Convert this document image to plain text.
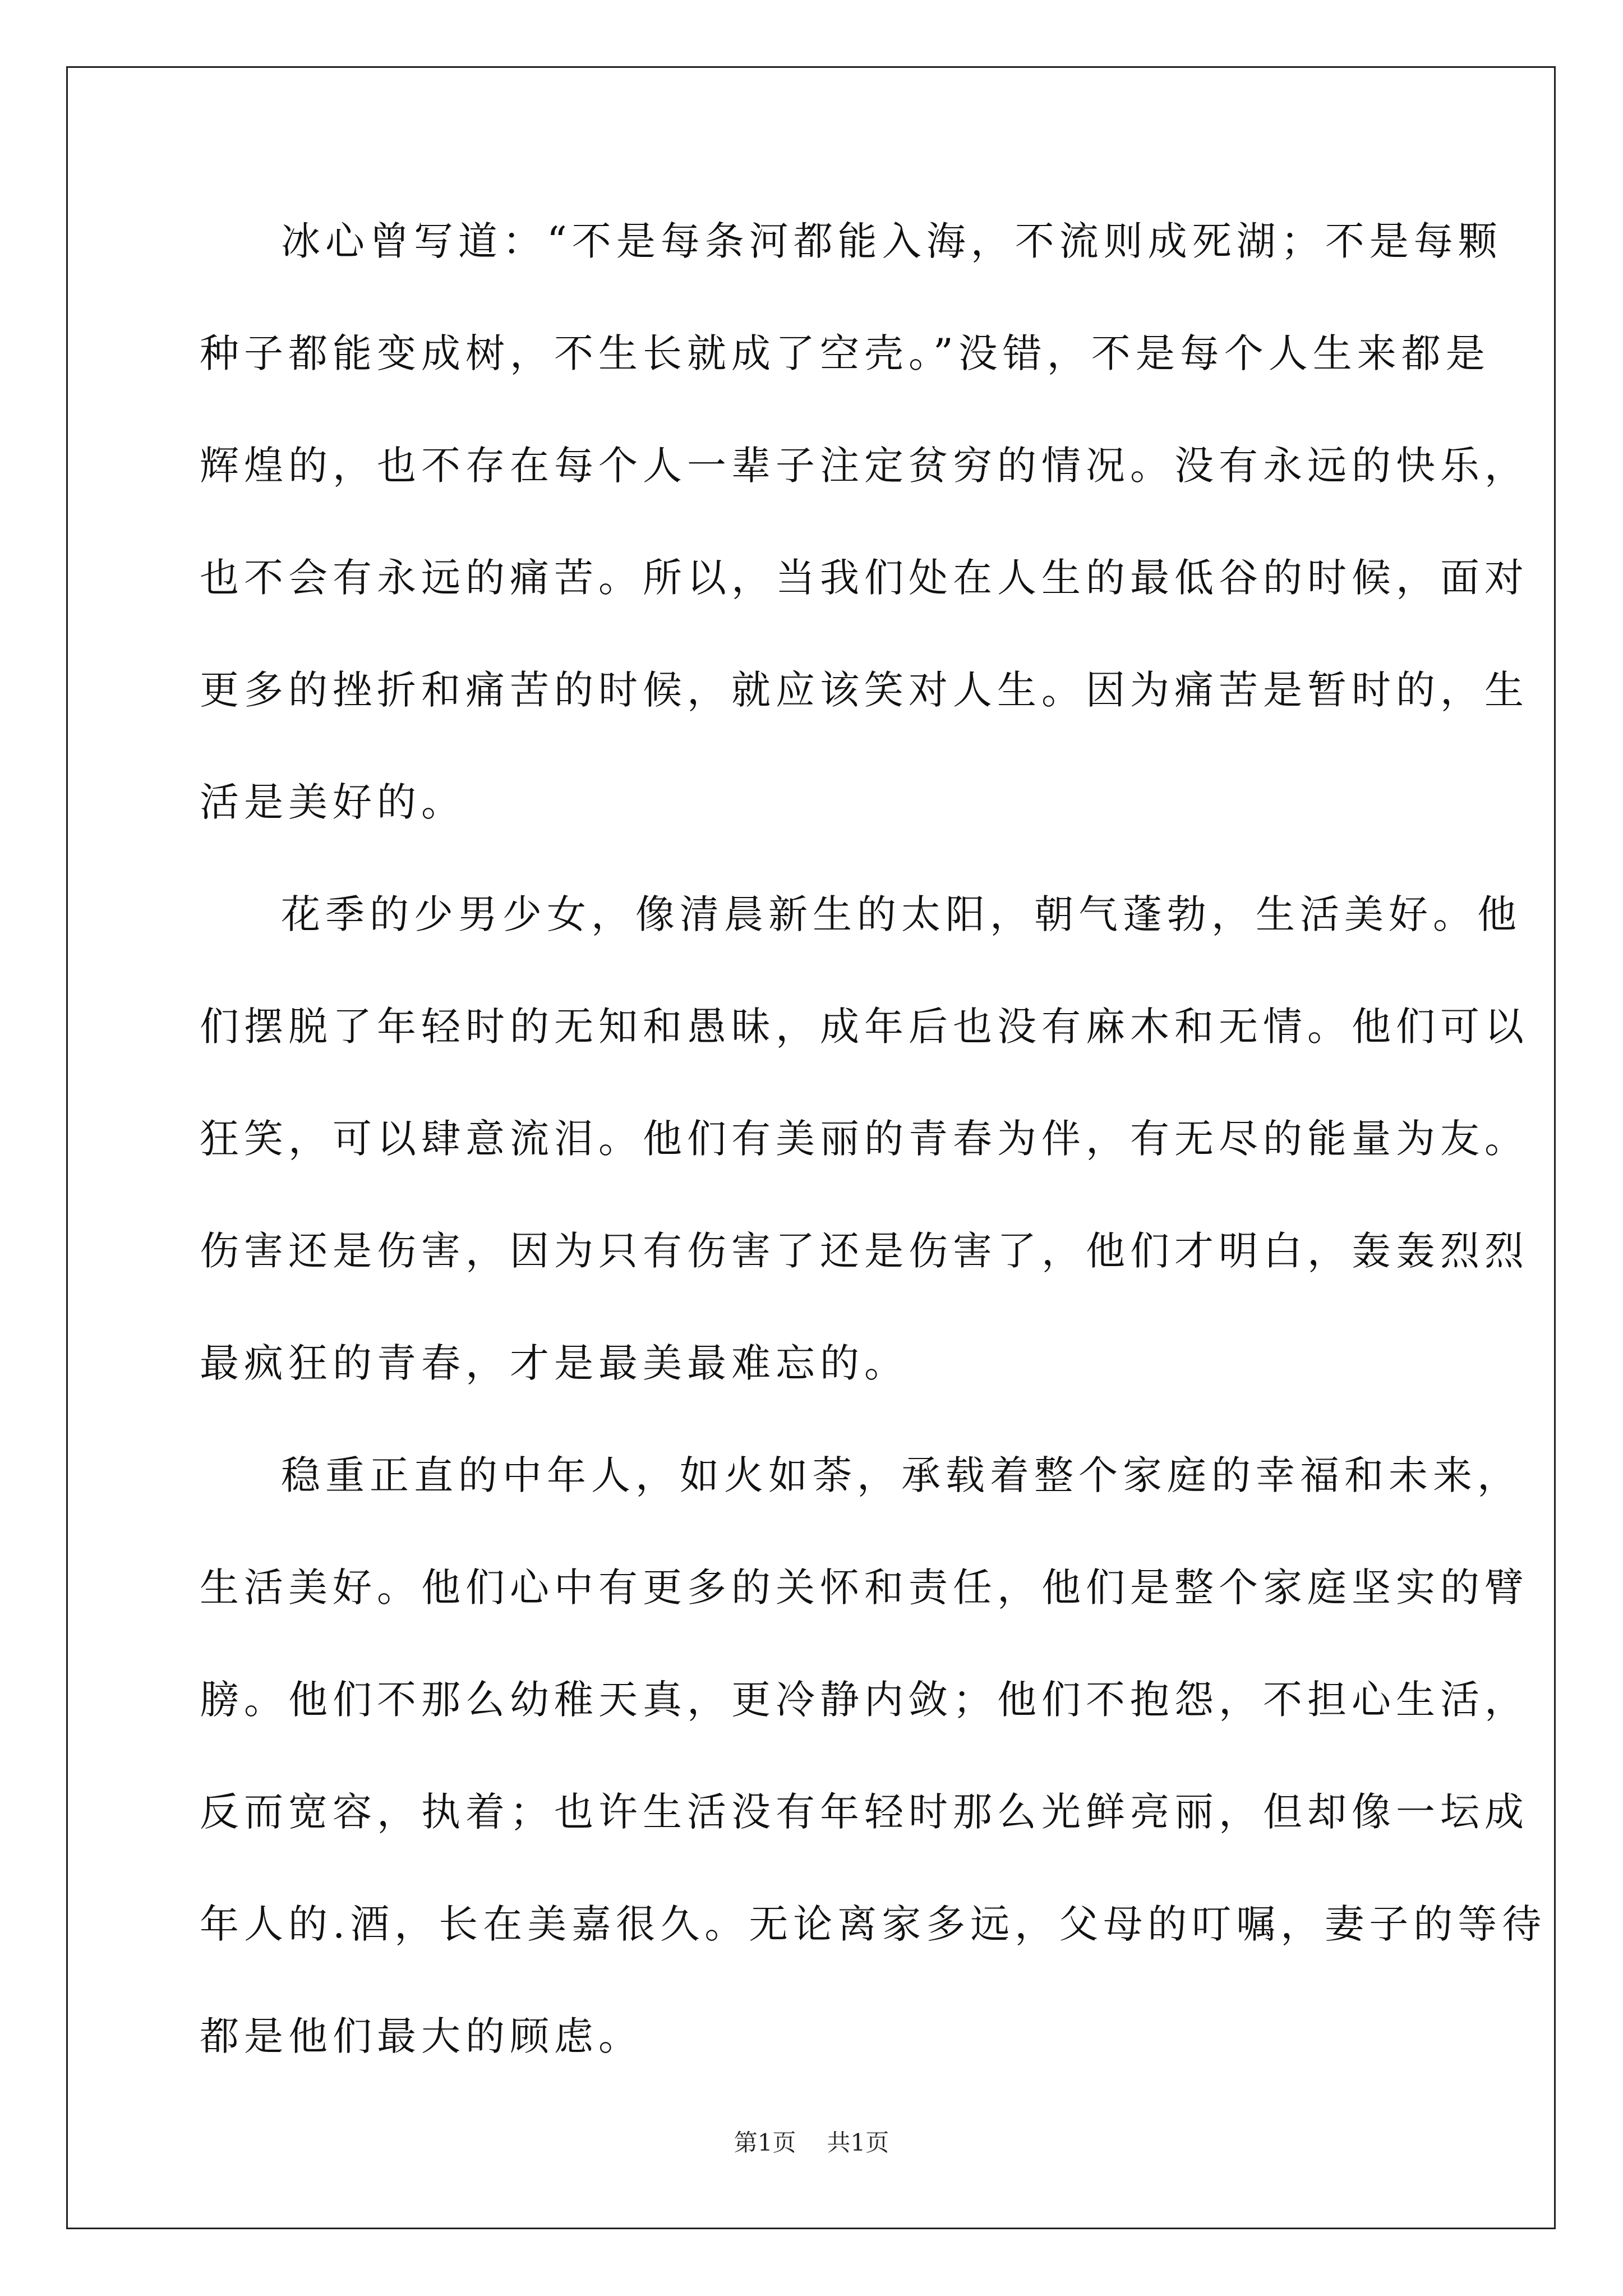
冰心曾写道：“不是每条河都能入海，不流则成死湖；不是每颗
种子都能变成树，不生长就成了空壳。”没错，不是每个人生来都是
辉煌的，也不存在每个人一辈子注定贫穷的情况。没有永远的快乐，
也不会有永远的痛苦。所以，当我们处在人生的最低谷的时候，面对
更多的挫折和痛苦的时候，就应该笑对人生。因为痛苦是暂时的，生
活是美好的。
花季的少男少女，像清晨新生的太阳，朝气蓬勃，生活美好。他
们摆脱了年轻时的无知和愚昧，成年后也没有麻木和无情。他们可以
狂笑，可以肆意流泪。他们有美丽的青春为伴，有无尽的能量为友。
伤害还是伤害，因为只有伤害了还是伤害了，他们才明白，轰轰烈烈
最疯狂的青春，才是最美最难忘的。
稳重正直的中年人，如火如荼，承载着整个家庭的幸福和未来，
生活美好。他们心中有更多的关怀和责任，他们是整个家庭坚实的臂
膀。他们不那么幼稚天真，更冷静内敛；他们不抱怨，不担心生活，
反而宽容，执着；也许生活没有年轻时那么光鲜亮丽，但却像一坛成
年人的.酒，长在美嘉很久。无论离家多远，父母的叮嘱，妻子的等待
都是他们最大的顾虑。
第1页 共1页
